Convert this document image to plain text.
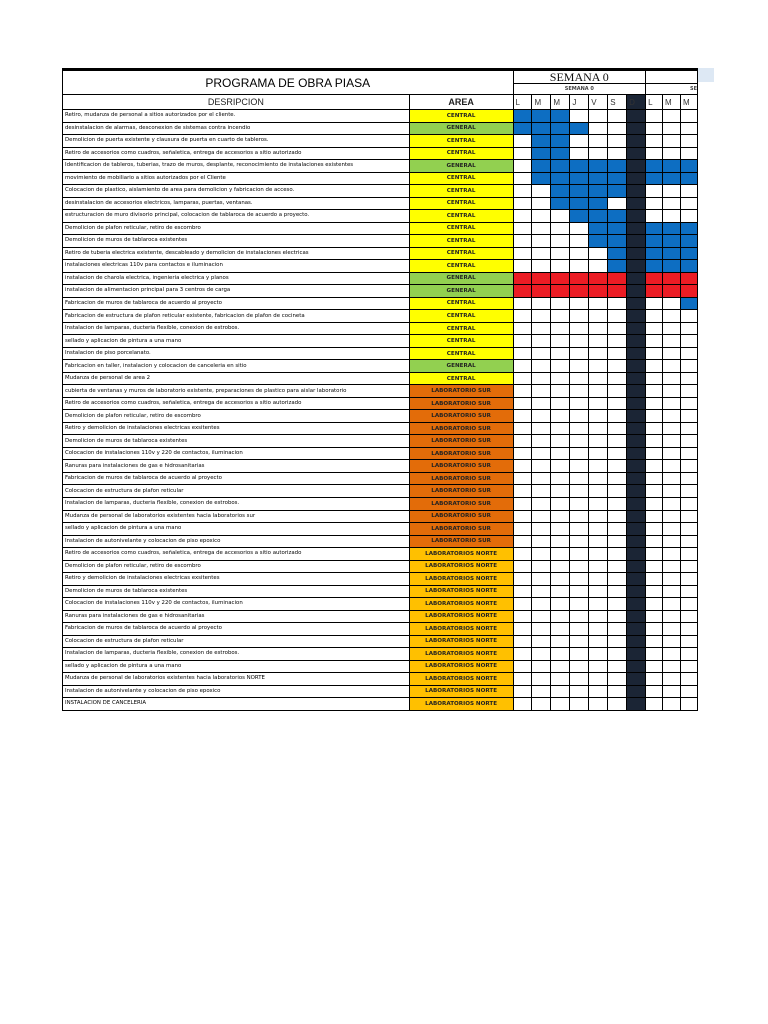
PROGRAMA DE OBRA PIASA		SEMANA 0									
		SEMANA 0							SE		
DESRIPCION	AREA	L	M	M	J	V	S	D	L	M	M
Retiro, mudanza de personal a sitios autorizados por el cliente.	CENTRAL										
desinstalacion de alarmas, desconexion de sistemas contra incendio	GENERAL										
Demolicion de puerta existente y clausura de puerta en cuarto de tableros.	CENTRAL										
Retiro de accesorios como cuadros, señaletica, entrega de accesorios a sitio autorizado	CENTRAL										
Identificacion de tableros, tuberias, trazo de muros, desplante, reconocimiento de instalaciones existentes	GENERAL										
movimiento de mobiliario a sitios autorizados por el Cliente	CENTRAL										
Colocacion de plastico, aislamiento de area para demolicion y fabricacion de acceso.	CENTRAL										
desinstalacion de accesorios electricos, lamparas, puertas, ventanas.	CENTRAL										
estructuracion de muro divisorio principal, colocacion de tablaroca de acuerdo a proyecto.	CENTRAL										
Demolicion de plafon reticular, retiro de escombro	CENTRAL										
Demolicion de muros de tablaroca existentes	CENTRAL										
Retiro de tuberia electrica existente, descableado y demolicion de instalaciones electricas	CENTRAL										
instalaciones electricas 110v para contactos e iluminacion	CENTRAL										
instalacion de charola electrica, ingenieria electrica y planos	GENERAL										
instalacion de alimentacion principal para 3 centros de carga	GENERAL										
Fabricacion de muros de tablaroca de acuerdo al proyecto	CENTRAL										
Fabricacion de estructura de plafon reticular existente, fabricacion de plafon de cocineta	CENTRAL										
Instalacion de lamparas, ducteria flexible, conexion de estrobos.	CENTRAL										
sellado y aplicacion de pintura a una mano	CENTRAL										
Instalacion de piso porcelanato.	CENTRAL										
Fabricacion en taller, instalacion y colocacion de canceleria en sitio	GENERAL										
Mudanza de personal de area 2	CENTRAL										
cubierta de ventanas y muros de laboratorio existente, preparaciones de plastico para aislar laboratorio	LABORATORIO SUR										
Retiro de accesorios como cuadros, señaletica, entrega de accesorios a sitio autorizado	LABORATORIO SUR										
Demolicion de plafon reticular, retiro de escombro	LABORATORIO SUR										
Retiro y demolicion de instalaciones electricas exsitentes	LABORATORIO SUR										
Demolicion de muros de tablaroca existentes	LABORATORIO SUR										
Colocacion de instalaciones 110v y 220 de contactos, iluminacion	LABORATORIO SUR										
Ranuras para instalaciones de gas e hidrosanitarias	LABORATORIO SUR										
Fabricacion de muros de tablaroca de acuerdo al proyecto	LABORATORIO SUR										
Colocacion de estructura de plafon reticular	LABORATORIO SUR										
Instalacion de lamparas, ducteria flexible, conexion de estrobos.	LABORATORIO SUR										
Mudanza de personal de laboratorios existentes hacia laboratorios sur	LABORATORIO SUR										
sellado y aplicacion de pintura a una mano	LABORATORIO SUR										
Instalacion de autonivelante y colocacion de piso epoxico	LABORATORIO SUR										
Retiro de accesorios como cuadros, señaletica, entrega de accesorios a sitio autorizado	LABORATORIOS NORTE										
Demolicion de plafon reticular, retiro de escombro	LABORATORIOS NORTE										
Retiro y demolicion de instalaciones electricas exsitentes	LABORATORIOS NORTE										
Demolicion de muros de tablaroca existentes	LABORATORIOS NORTE										
Colocacion de instalaciones 110v y 220 de contactos, iluminacion	LABORATORIOS NORTE										
Ranuras para instalaciones de gas e hidrosanitarias	LABORATORIOS NORTE										
Fabricacion de muros de tablaroca de acuerdo al proyecto	LABORATORIOS NORTE										
Colocacion de estructura de plafon reticular	LABORATORIOS NORTE										
Instalacion de lamparas, ducteria flexible, conexion de estrobos.	LABORATORIOS NORTE										
sellado y aplicacion de pintura a una mano	LABORATORIOS NORTE										
Mudanza de personal de laboratorios existentes hacia laboratorios NORTE	LABORATORIOS NORTE										
Instalacion de autonivelante y colocacion de piso epoxico	LABORATORIOS NORTE										
INSTALACION DE CANCELERIA	LABORATORIOS NORTE										
